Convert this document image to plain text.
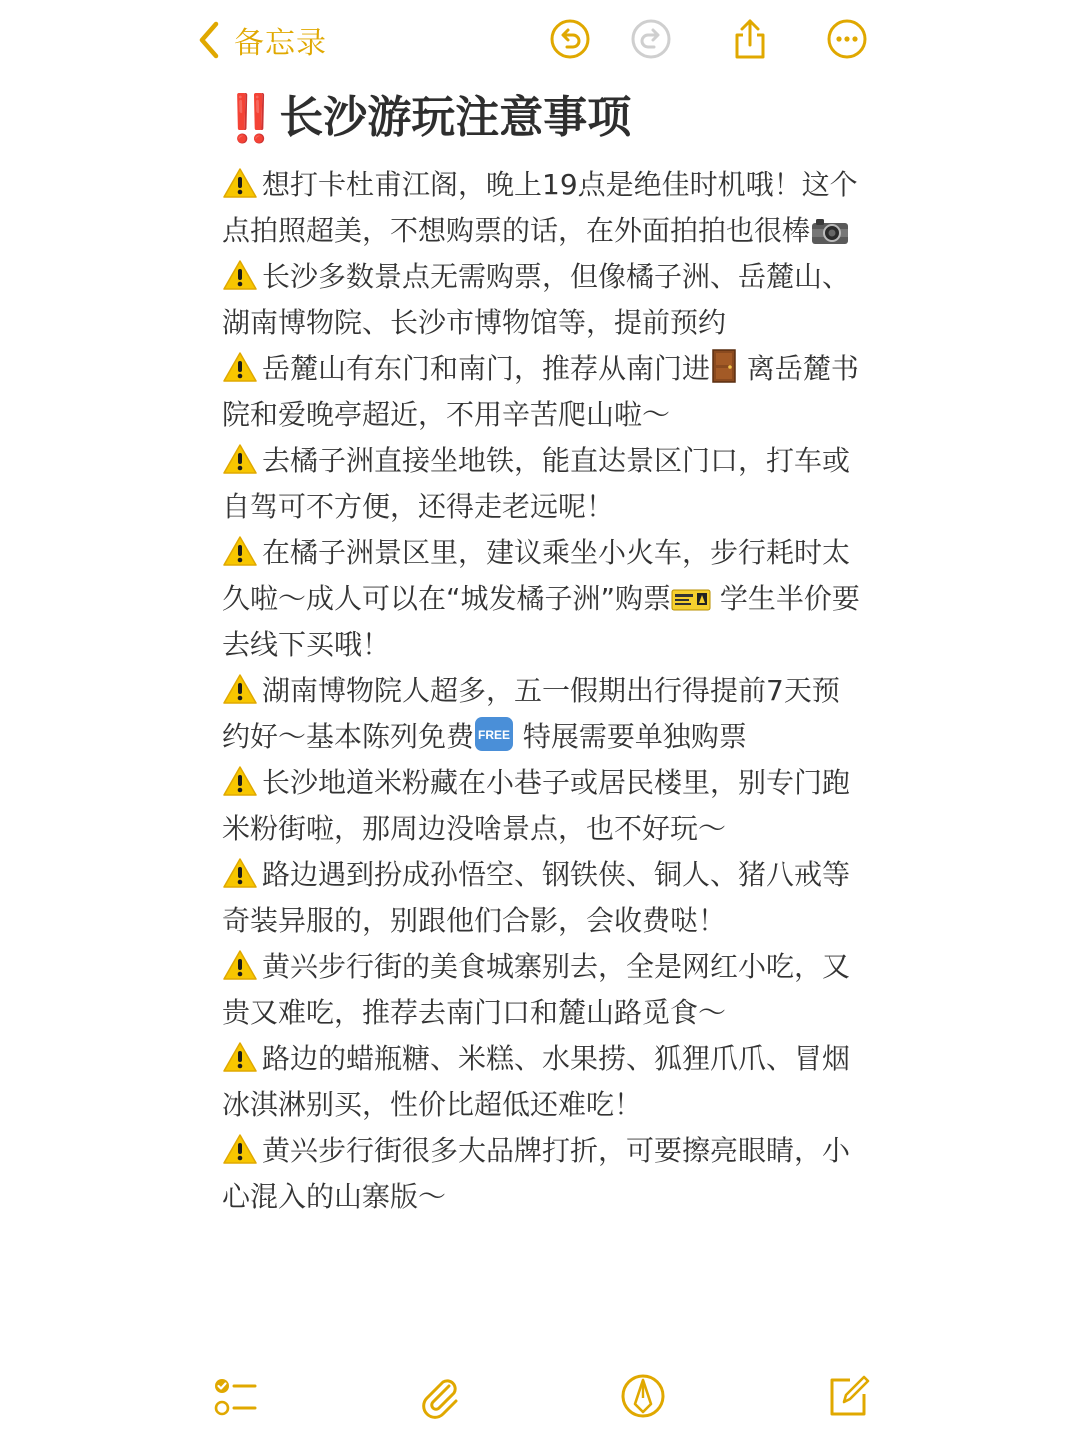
备忘录
‼️ 长沙游玩注意事项
想打卡杜甫江阁，晚上19点是绝佳时机哦！这个点拍照超美，不想购票的话，在外面拍拍也很棒
长沙多数景点无需购票，但像橘子洲、岳麓山、湖南博物院、长沙市博物馆等，提前预约
岳麓山有东门和南门，推荐从南门进 离岳麓书院和爱晚亭超近，不用辛苦爬山啦～
去橘子洲直接坐地铁，能直达景区门口，打车或自驾可不方便，还得走老远呢！
在橘子洲景区里，建议乘坐小火车，步行耗时太久啦～成人可以在“城发橘子洲”购票 学生半价要去线下买哦！
湖南博物院人超多，五一假期出行得提前7天预约好～基本陈列免费 FREE 特展需要单独购票
长沙地道米粉藏在小巷子或居民楼里，别专门跑米粉街啦，那周边没啥景点，也不好玩～
路边遇到扮成孙悟空、钢铁侠、铜人、猪八戒等奇装异服的，别跟他们合影，会收费哒！
黄兴步行街的美食城寨别去，全是网红小吃，又贵又难吃，推荐去南门口和麓山路觅食～
路边的蜡瓶糖、米糕、水果捞、狐狸爪爪、冒烟冰淇淋别买，性价比超低还难吃！
黄兴步行街很多大品牌打折，可要擦亮眼睛，小心混入的山寨版～
